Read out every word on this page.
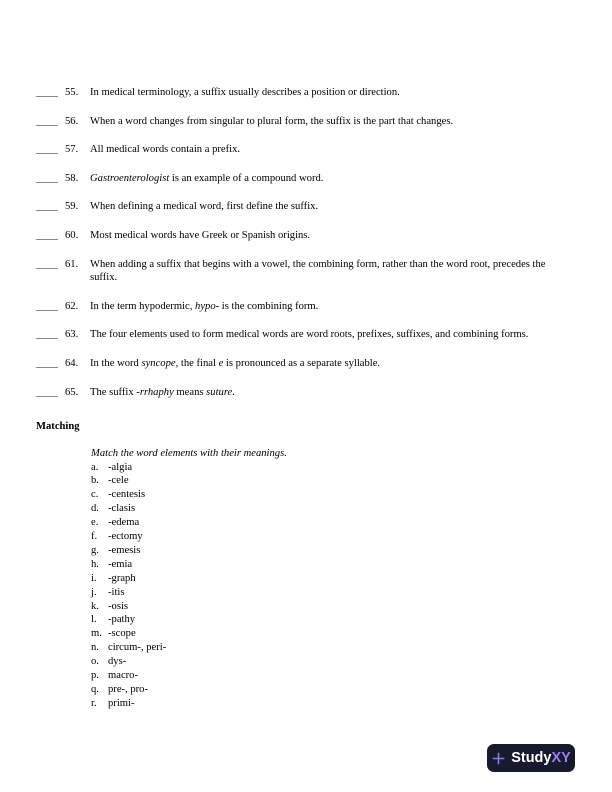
55.	In medical terminology, a suffix usually describes a position or direction.
56.	When a word changes from singular to plural form, the suffix is the part that changes.
57.	All medical words contain a prefix.
58.	Gastroenterologist is an example of a compound word.
59.	When defining a medical word, first define the suffix.
60.	Most medical words have Greek or Spanish origins.
61.	When adding a suffix that begins with a vowel, the combining form, rather than the word root, precedes the suffix.
62.	In the term hypodermic, hypo- is the combining form.
63.	The four elements used to form medical words are word roots, prefixes, suffixes, and combining forms.
64.	In the word syncope, the final e is pronounced as a separate syllable.
65.	The suffix -rrhaphy means suture.
Matching
Match the word elements with their meanings.
a. -algia
b. -cele
c. -centesis
d. -clasis
e. -edema
f.	-ectomy
g. -emesis
h. -emia
i.	-graph
j.	-itis
k. -osis
l.	-pathy
m. -scope
n. circum-, peri-
o. dys-
p. macro-
q. pre-, pro-
r.	primi-
StudyXY
